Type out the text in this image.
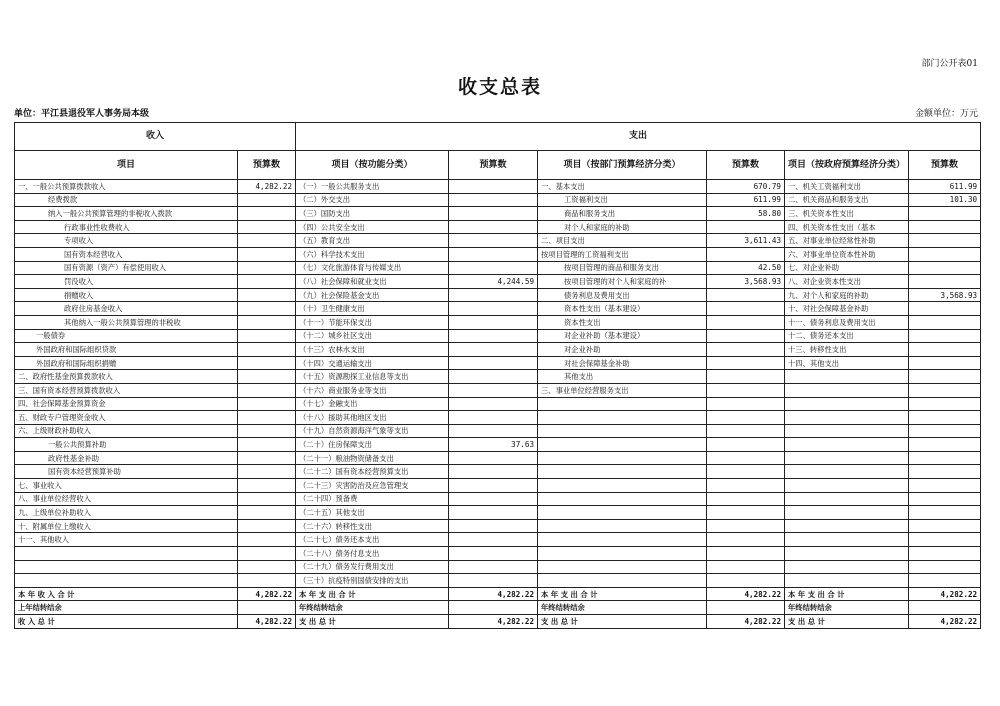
部门公开表01
收支总表
单位：平江县退役军人事务局本级	金额单位：万元
收入		支出					
项目	预算数	项目（按功能分类）	预算数	项目（按部门预算经济分类）	预算数	项目（按政府预算经济分类）	预算数
一、一般公共预算拨款收入	4,282.22	（一）一般公共服务支出		一、基本支出	670.79	一、机关工资福利支出	611.99
经费拨款		（二）外交支出		工资福利支出	611.99	二、机关商品和服务支出	101.30
纳入一般公共预算管理的非税收入拨款		（三）国防支出		商品和服务支出	58.80	三、机关资本性支出	
行政事业性收费收入		（四）公共安全支出		对个人和家庭的补助		四、机关资本性支出（基本	
专项收入		（五）教育支出		二、项目支出	3,611.43	五、对事业单位经常性补助	
国有资本经营收入		（六）科学技术支出		按项目管理的工资福利支出		六、对事业单位资本性补助	
国有资源（资产）有偿使用收入		（七）文化旅游体育与传媒支出		按项目管理的商品和服务支出	42.50	七、对企业补助	
罚没收入		（八）社会保障和就业支出	4,244.59	按项目管理的对个人和家庭的补	3,568.93	八、对企业资本性支出	
捐赠收入		（九）社会保险基金支出		债务利息及费用支出		九、对个人和家庭的补助	3,568.93
政府住房基金收入		（十）卫生健康支出		资本性支出（基本建设）		十、对社会保障基金补助	
其他纳入一般公共预算管理的非税收		（十一）节能环保支出		资本性支出		十一、债务利息及费用支出	
一般债券		（十二）城乡社区支出		对企业补助（基本建设）		十二、债务还本支出	
外国政府和国际组织贷款		（十三）农林水支出		对企业补助		十三、转移性支出	
外国政府和国际组织捐赠		（十四）交通运输支出		对社会保障基金补助		十四、其他支出	
二、政府性基金预算拨款收入		（十五）资源勘探工业信息等支出		其他支出			
三、国有资本经营预算拨款收入		（十六）商业服务业等支出		三、事业单位经营服务支出			
四、社会保障基金预算资金		（十七）金融支出					
五、财政专户管理资金收入		（十八）援助其他地区支出					
六、上级财政补助收入		（十九）自然资源海洋气象等支出					
一般公共预算补助		（二十）住房保障支出	37.63				
政府性基金补助		（二十一）粮油物资储备支出					
国有资本经营预算补助		（二十二）国有资本经营预算支出					
七、事业收入		（二十三）灾害防治及应急管理支					
八、事业单位经营收入		（二十四）预备费					
九、上级单位补助收入		（二十五）其他支出					
十、附属单位上缴收入		（二十六）转移性支出					
十一、其他收入		（二十七）债务还本支出					
		（二十八）债务付息支出					
		（二十九）债务发行费用支出					
		（三十）抗疫特别国债安排的支出					
本 年 收 入 合 计	4,282.22	本 年 支 出 合 计	4,282.22	本 年 支 出 合 计	4,282.22	本 年 支 出 合 计	4,282.22
上年结转结余		年终结转结余		年终结转结余		年终结转结余	
收 入 总 计	4,282.22	支 出 总 计	4,282.22	支 出 总 计	4,282.22	支 出 总 计	4,282.22
